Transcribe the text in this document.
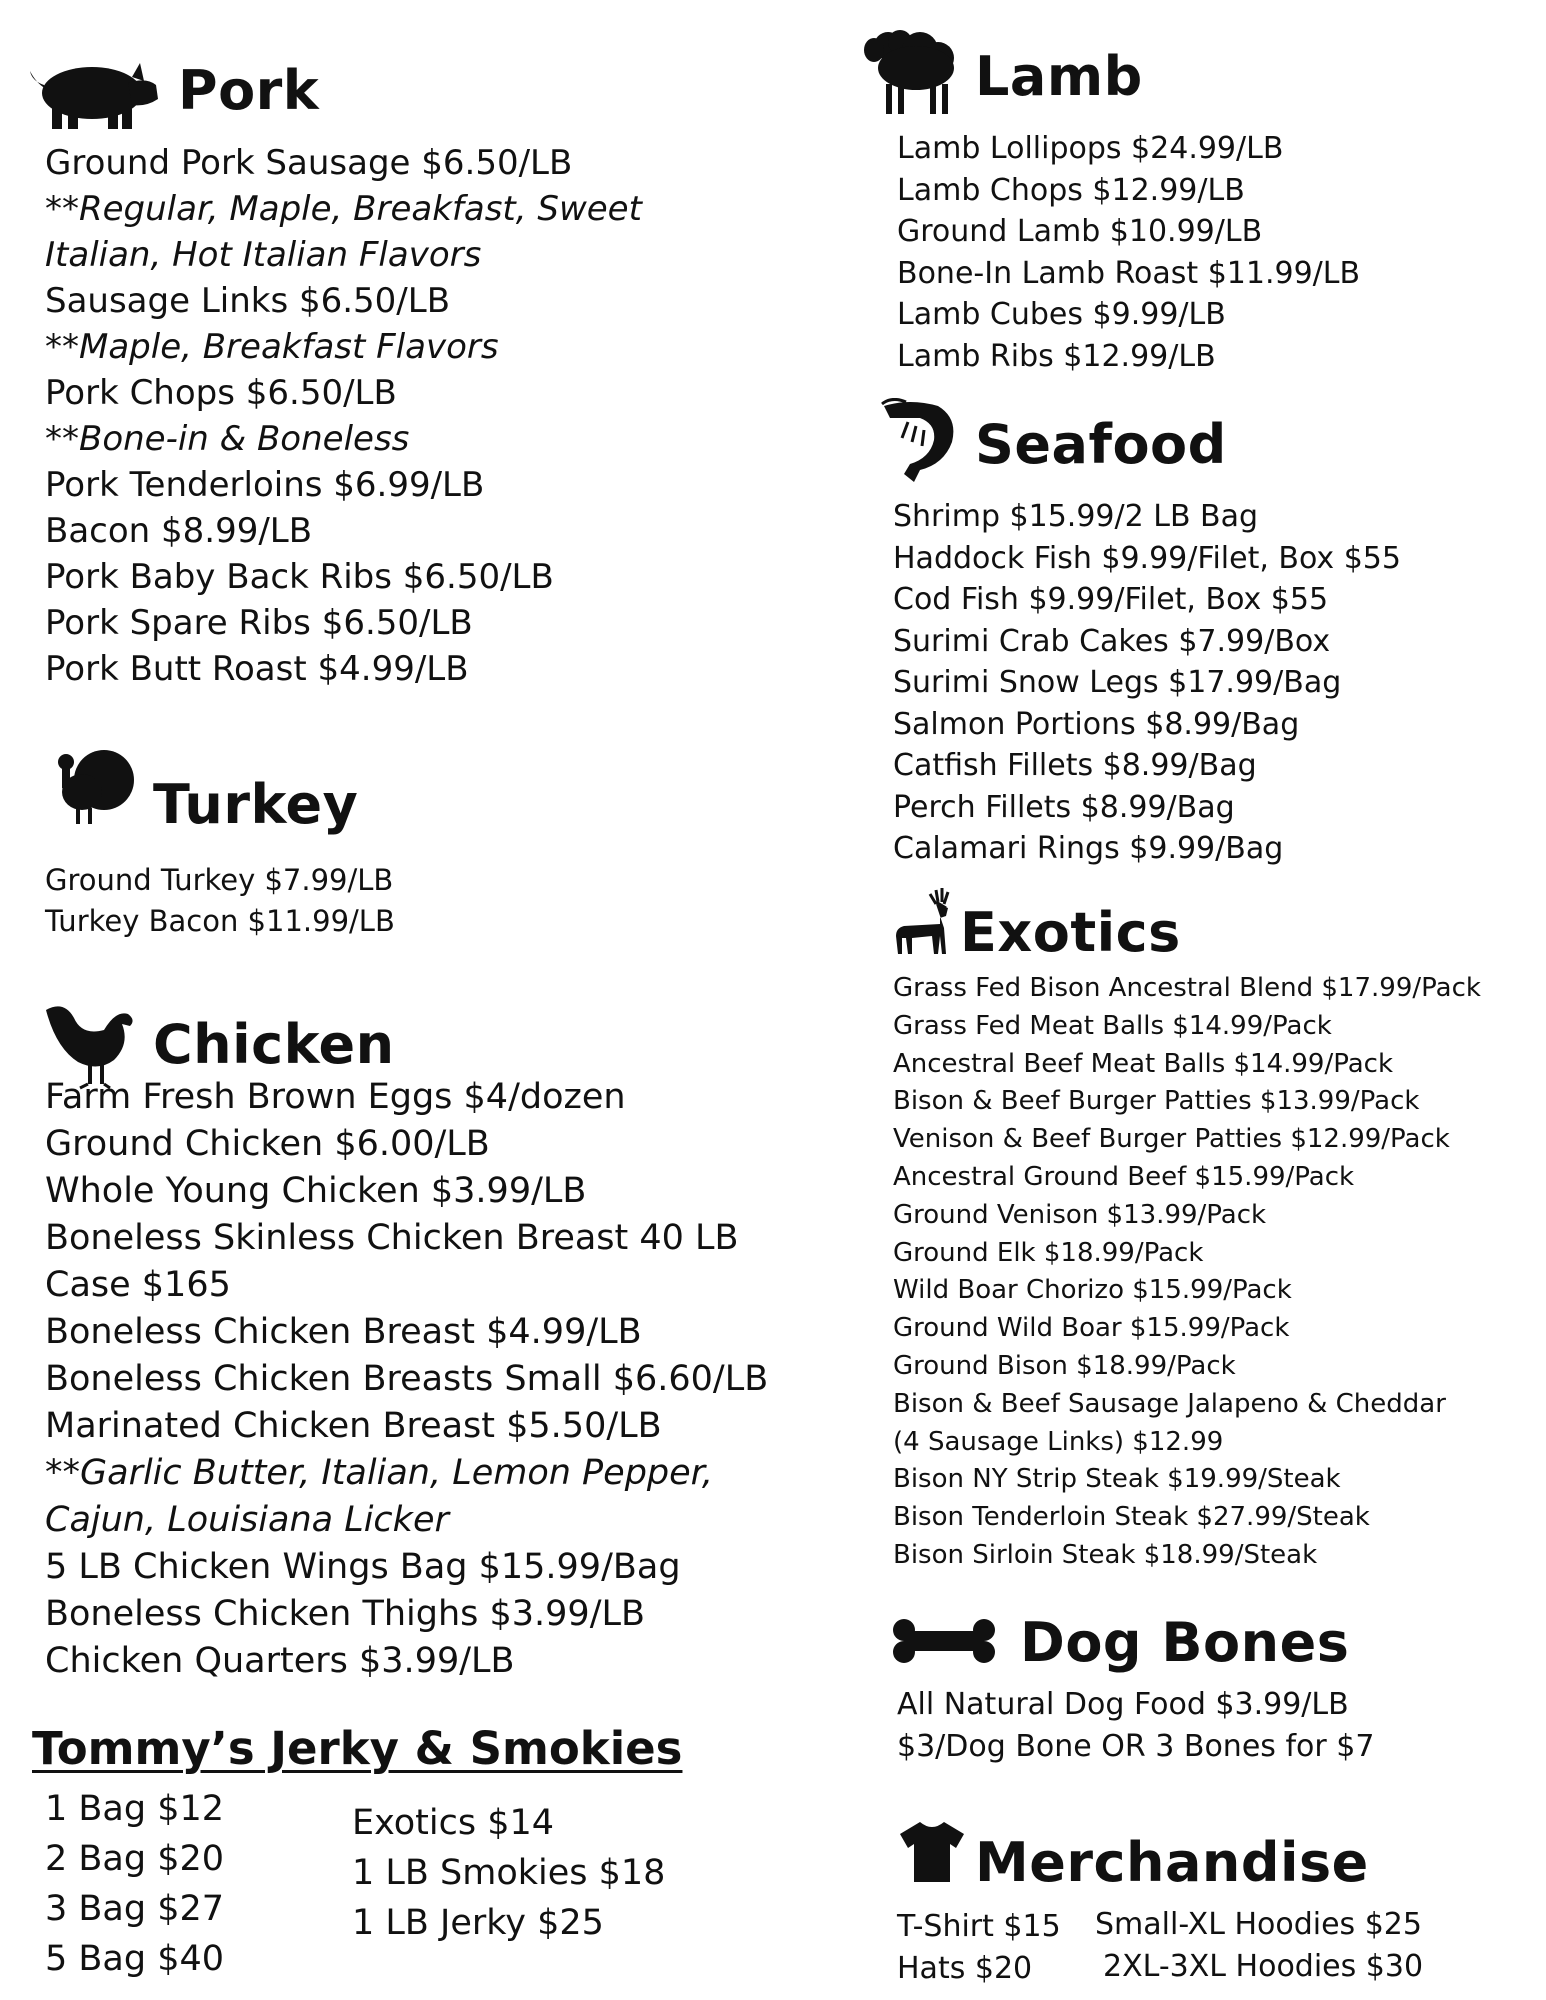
Pork
Ground Pork Sausage $6.50/LB
**Regular, Maple, Breakfast, Sweet
Italian, Hot Italian Flavors
Sausage Links $6.50/LB
**Maple, Breakfast Flavors
Pork Chops $6.50/LB
**Bone-in & Boneless
Pork Tenderloins $6.99/LB
Bacon $8.99/LB
Pork Baby Back Ribs $6.50/LB
Pork Spare Ribs $6.50/LB
Pork Butt Roast $4.99/LB
Turkey
Ground Turkey $7.99/LB
Turkey Bacon $11.99/LB
Chicken
Farm Fresh Brown Eggs $4/dozen
Ground Chicken $6.00/LB
Whole Young Chicken $3.99/LB
Boneless Skinless Chicken Breast 40 LB
Case $165
Boneless Chicken Breast $4.99/LB
Boneless Chicken Breasts Small $6.60/LB
Marinated Chicken Breast $5.50/LB
**Garlic Butter, Italian, Lemon Pepper,
Cajun, Louisiana Licker
5 LB Chicken Wings Bag $15.99/Bag
Boneless Chicken Thighs $3.99/LB
Chicken Quarters $3.99/LB
Tommy’s Jerky & Smokies
1 Bag $12
2 Bag $20
3 Bag $27
5 Bag $40
Exotics $14
1 LB Smokies $18
1 LB Jerky $25
Lamb
Lamb Lollipops $24.99/LB
Lamb Chops $12.99/LB
Ground Lamb $10.99/LB
Bone-In Lamb Roast $11.99/LB
Lamb Cubes $9.99/LB
Lamb Ribs $12.99/LB
Seafood
Shrimp $15.99/2 LB Bag
Haddock Fish $9.99/Filet, Box $55
Cod Fish $9.99/Filet, Box $55
Surimi Crab Cakes $7.99/Box
Surimi Snow Legs $17.99/Bag
Salmon Portions $8.99/Bag
Catfish Fillets $8.99/Bag
Perch Fillets $8.99/Bag
Calamari Rings $9.99/Bag
Exotics
Grass Fed Bison Ancestral Blend $17.99/Pack
Grass Fed Meat Balls $14.99/Pack
Ancestral Beef Meat Balls $14.99/Pack
Bison & Beef Burger Patties $13.99/Pack
Venison & Beef Burger Patties $12.99/Pack
Ancestral Ground Beef $15.99/Pack
Ground Venison $13.99/Pack
Ground Elk $18.99/Pack
Wild Boar Chorizo $15.99/Pack
Ground Wild Boar $15.99/Pack
Ground Bison $18.99/Pack
Bison & Beef Sausage Jalapeno & Cheddar
(4 Sausage Links) $12.99
Bison NY Strip Steak $19.99/Steak
Bison Tenderloin Steak $27.99/Steak
Bison Sirloin Steak $18.99/Steak
Dog Bones
All Natural Dog Food $3.99/LB
$3/Dog Bone OR 3 Bones for $7
Merchandise
T-Shirt $15
Hats $20
Small-XL Hoodies $25
2XL-3XL Hoodies $30
